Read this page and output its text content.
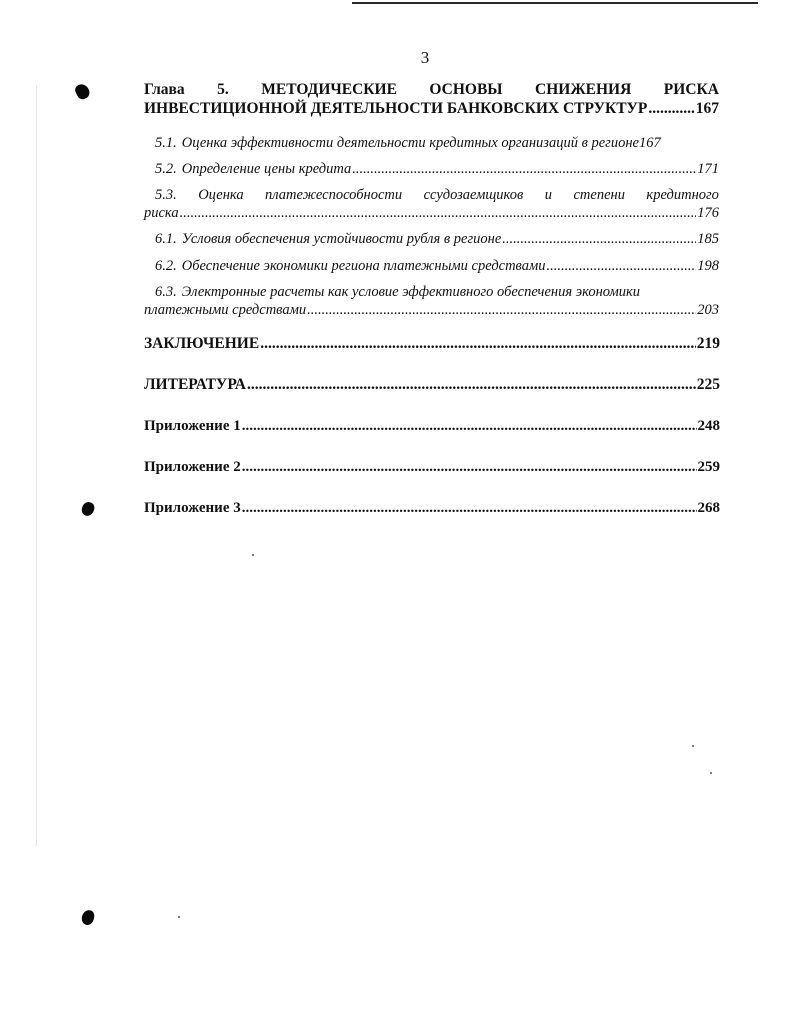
3
Глава 5. МЕТОДИЧЕСКИЕ ОСНОВЫ СНИЖЕНИЯ РИСКА
ИНВЕСТИЦИОННОЙ ДЕЯТЕЛЬНОСТИ БАНКОВСКИХ СТРУКТУР .....	167
5.1. Оценка эффективности деятельности кредитных организаций в регионе 167
5.2. Определение цены кредита .....	171
5.3. Оценка платежеспособности ссудозаемщиков и степени кредитного
риска .....	176
6.1. Условия обеспечения устойчивости рубля в регионе .....	185
6.2. Обеспечение экономики региона платежными средствами .....	198
6.3. Электронные расчеты как условие эффективного обеспечения экономики
платежными средствами .....	203
ЗАКЛЮЧЕНИЕ .....	219
ЛИТЕРАТУРА .....	225
Приложение 1 .....	248
Приложение 2 .....	259
Приложение 3 .....	268
